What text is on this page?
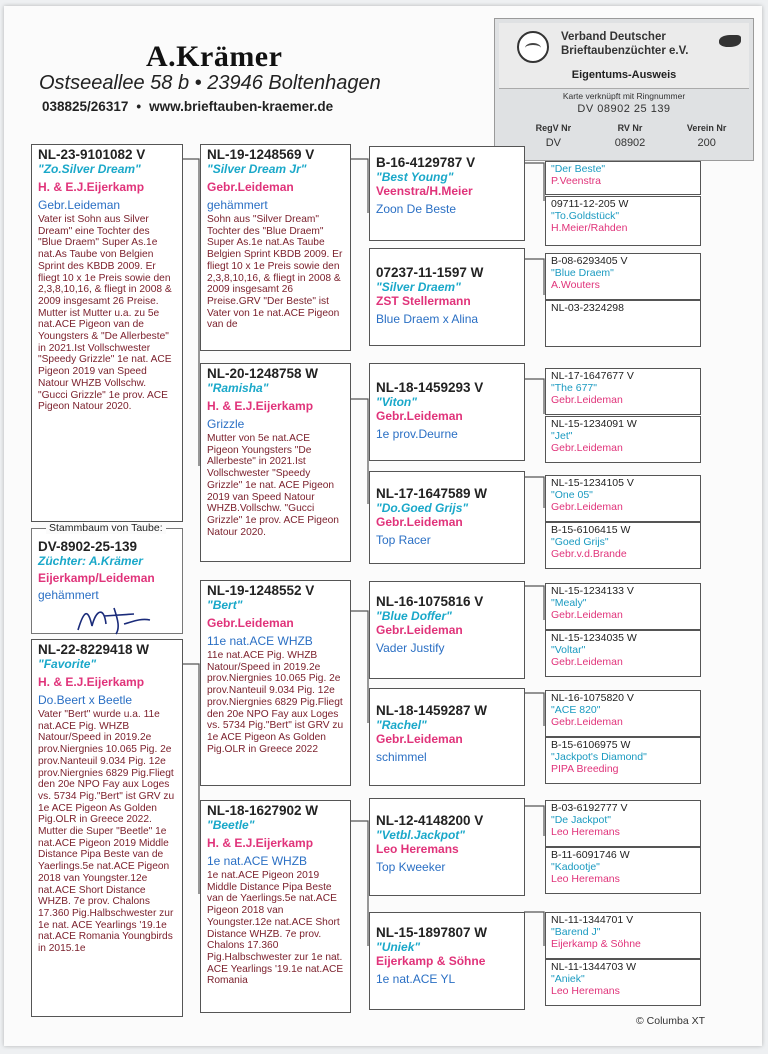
A.Krämer
Ostseeallee 58 b • 23946 Boltenhagen
038825/26317 • www.brieftauben-kraemer.de
Verband Deutscher
Brieftaubenzüchter e.V.
Eigentums-Ausweis
Karte verknüpft mit Ringnummer
DV 08902 25 139
RegV Nr	RV Nr	Verein Nr
DV	08902	200
NL-23-9101082 V
"Zo.Silver Dream"
H. & E.J.Eijerkamp
Gebr.Leideman
Vater ist Sohn aus Silver Dream" eine Tochter des "Blue Draem" Super As.1e nat.As Taube von Belgien Sprint des KBDB 2009. Er fliegt 10 x 1e Preis sowie den 2,3,8,10,16, & fliegt in 2008 & 2009 insgesamt 26 Preise. Mutter ist Mutter u.a. zu 5e nat.ACE Pigeon van de Youngsters & "De Allerbeste" in 2021.Ist Vollschwester "Speedy Grizzle" 1e nat. ACE Pigeon 2019 van Speed Natour WHZB Vollschw. "Gucci Grizzle" 1e prov. ACE Pigeon Natour 2020.
DV-8902-25-139
Züchter: A.Krämer
Eijerkamp/Leideman
gehämmert
Stammbaum von Taube:
NL-22-8229418 W
"Favorite"
H. & E.J.Eijerkamp
Do.Beert x Beetle
Vater "Bert" wurde u.a. 11e nat.ACE Pig. WHZB Natour/Speed in 2019.2e prov.Niergnies 10.065 Pig. 2e prov.Nanteuil 9.034 Pig. 12e prov.Niergnies 6829 Pig.Fliegt den 20e NPO Fay aux Loges vs. 5734 Pig."Bert" ist GRV zu 1e ACE Pigeon As Golden Pig.OLR in Greece 2022. Mutter die Super "Beetle" 1e nat.ACE Pigeon 2019 Middle Distance Pipa Beste van de Yaerlings.5e nat.ACE Pigeon 2018 van Youngster.12e nat.ACE Short Distance WHZB. 7e prov. Chalons 17.360 Pig.Halbschwester zur 1e nat. ACE Yearlings '19.1e nat.ACE Romania Youngbirds in 2015.1e
NL-19-1248569 V
"Silver Dream Jr"
Gebr.Leideman
gehämmert
Sohn aus "Silver Dream" Tochter des "Blue Draem" Super As.1e nat.As Taube Belgien Sprint KBDB 2009. Er fliegt 10 x 1e Preis sowie den 2,3,8,10,16, & fliegt in 2008 & 2009 insgesamt 26 Preise.GRV "Der Beste" ist Vater von 1e nat.ACE Pigeon van de
NL-20-1248758 W
"Ramisha"
H. & E.J.Eijerkamp
Grizzle
Mutter von 5e nat.ACE Pigeon Youngsters "De Allerbeste" in 2021.Ist Vollschwester "Speedy Grizzle" 1e nat. ACE Pigeon 2019 van Speed Natour WHZB.Vollschw. "Gucci Grizzle" 1e prov. ACE Pigeon Natour 2020.
NL-19-1248552 V
"Bert"
Gebr.Leideman
11e nat.ACE WHZB
11e nat.ACE Pig. WHZB Natour/Speed in 2019.2e prov.Niergnies 10.065 Pig. 2e prov.Nanteuil 9.034 Pig. 12e prov.Niergnies 6829 Pig.Fliegt den 20e NPO Fay aux Loges vs. 5734 Pig."Bert" ist GRV zu 1e ACE Pigeon As Golden Pig.OLR in Greece 2022
NL-18-1627902 W
"Beetle"
H. & E.J.Eijerkamp
1e nat.ACE WHZB
1e nat.ACE Pigeon 2019 Middle Distance Pipa Beste van de Yaerlings.5e nat.ACE Pigeon 2018 van Youngster.12e nat.ACE Short Distance WHZB. 7e prov. Chalons 17.360 Pig.Halbschwester zur 1e nat. ACE Yearlings '19.1e nat.ACE Romania
B-16-4129787 V
"Best Young"
Veenstra/H.Meier
Zoon De Beste
07237-11-1597 W
"Silver Draem"
ZST Stellermann
Blue Draem x Alina
NL-18-1459293 V
"Viton"
Gebr.Leideman
1e prov.Deurne
NL-17-1647589 W
"Do.Goed Grijs"
Gebr.Leideman
Top Racer
NL-16-1075816 V
"Blue Doffer"
Gebr.Leideman
Vader Justify
NL-18-1459287 W
"Rachel"
Gebr.Leideman
schimmel
NL-12-4148200 V
"Vetbl.Jackpot"
Leo Heremans
Top Kweeker
NL-15-1897807 W
"Uniek"
Eijerkamp & Söhne
1e nat.ACE YL
"Der Beste"
P.Veenstra
09711-12-205 W
"To.Goldstück"
H.Meier/Rahden
B-08-6293405 V
"Blue Draem"
A.Wouters
NL-03-2324298
NL-17-1647677 V
"The 677"
Gebr.Leideman
NL-15-1234091 W
"Jet"
Gebr.Leideman
NL-15-1234105 V
"One 05"
Gebr.Leideman
B-15-6106415 W
"Goed Grijs"
Gebr.v.d.Brande
NL-15-1234133 V
"Mealy"
Gebr.Leideman
NL-15-1234035 W
"Voltar"
Gebr.Leideman
NL-16-1075820 V
"ACE 820"
Gebr.Leideman
B-15-6106975 W
"Jackpot's Diamond"
PIPA Breeding
B-03-6192777 V
"De Jackpot"
Leo Heremans
B-11-6091746 W
"Kadootje"
Leo Heremans
NL-11-1344701 V
"Barend J"
Eijerkamp & Söhne
NL-11-1344703 W
"Aniek"
Leo Heremans
© Columba XT
